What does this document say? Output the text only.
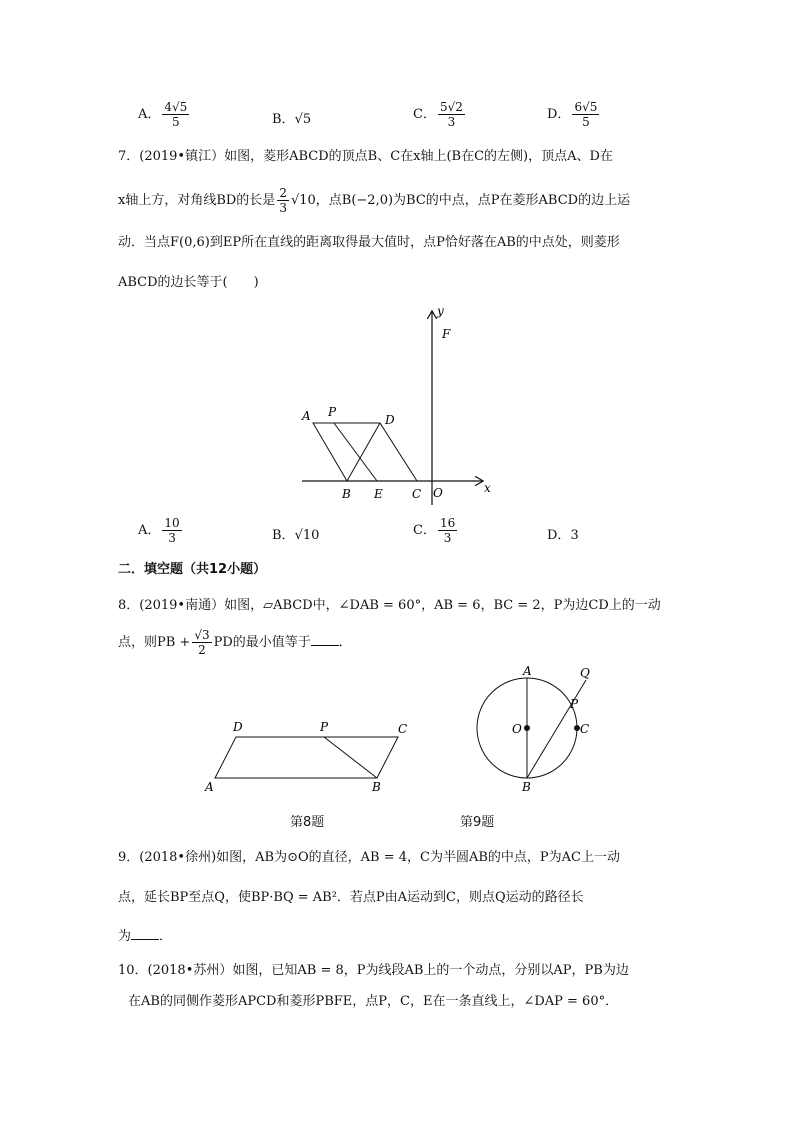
A． $\frac{4√5}{5}$	B．√5	C． $\frac{5√2}{3}$	D． $\frac{6√5}{5}$
7．(2019•镇江）如图，菱形ABCD的顶点B、C在x轴上(B在C的左侧)，顶点A、D在
x轴上方，对角线BD的长是 $\frac{2}{3} √10$，点B(−2,0)为BC的中点，点P在菱形ABCD的边上运
动．当点F(0,6)到EP所在直线的距离取得最大值时，点P恰好落在AB的中点处，则菱形
ABCD的边长等于(　　)
A P
D
B E C O
F
x
y
A． $\frac{10}{3}$	B．√10	C． $\frac{16}{3}$	D．3
二．填空题（共12小题）
8．(2019•南通）如图，▱ABCD中，∠DAB = 60°，AB = 6，BC = 2，P为边CD上的一动
点，则PB + $\frac{√3}{2}$ PD的最小值等于 ．
A	B
C
D	P
第8题
A
B
C
O
P
Q
第9题
9．(2018•徐州)如图，AB为⊙O的直径，AB = 4，C为半圆AB的中点，P为AC上一动
点，延长BP至点Q，使BP·BQ = AB²．若点P由A运动到C，则点Q运动的路径长
为 ．
10．(2018•苏州）如图，已知AB = 8，P为线段AB上的一个动点，分别以AP，PB为边
在AB的同侧作菱形APCD和菱形PBFE，点P，C，E在一条直线上，∠DAP = 60°．
